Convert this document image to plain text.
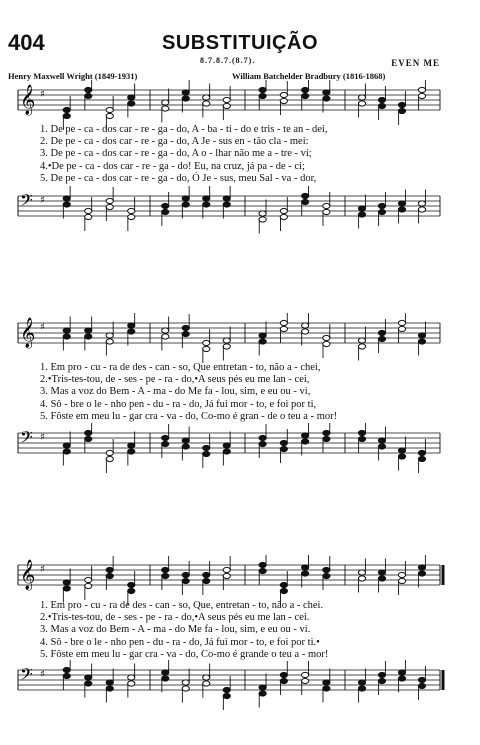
404	SUBSTITUIÇÃO
8.7.8.7.(8.7).	EVEN ME
Henry Maxwell Wright (1849-1931)	William Batchelder Bradbury (1816-1868)
𝄞 ♯
1. De pe - ca - dos car - re - ga - do, A - ba - ti - do e tris - te an - dei,
2. De pe - ca - dos car - re - ga - do, A Je - sus en - tão cla - mei:
3. De pe - ca - dos car - re - ga - do, A o - lhar não me a - tre - vi;
4.•De pe - ca - dos car - re - ga - do! Eu, na cruz, já pa - de - ci;
5. De pe - ca - dos car - re - ga - do, Ó Je - sus, meu Sal - va - dor,
𝄢 ♯
𝄞 ♯
1. Em pro - cu - ra de des - can - so, Que entretan - to, não a - chei,
2.•Tris-tes-tou, de - ses - pe - ra - do,•A seus pés eu me lan - cei,
3. Mas a voz do Bem - A - ma - do Me fa - lou, sim, e eu ou - vi,
4. Sô - bre o le - nho pen - du - ra - do, Já fui mor - to, e foi por ti,
5. Fôste em meu lu - gar cra - va - do, Co-mo é gran - de o teu a - mor!
𝄢 ♯
𝄞 ♯
1. Em pro - cu - ra de des - can - so, Que, entretan - to, não a - chei.
2.•Tris-tes-tou, de - ses - pe - ra - do,•A seus pés eu me lan - cei.
3. Mas a voz do Bem - A - ma - do Me fa - lou, sim, e eu ou - vi.
4. Sô - bre o le - nho pen - du - ra - do, Já fui mor - to, e foi por ti.•
5. Fôste em meu lu - gar cra - va - do, Co-mo é grande o teu a - mor!
𝄢 ♯
